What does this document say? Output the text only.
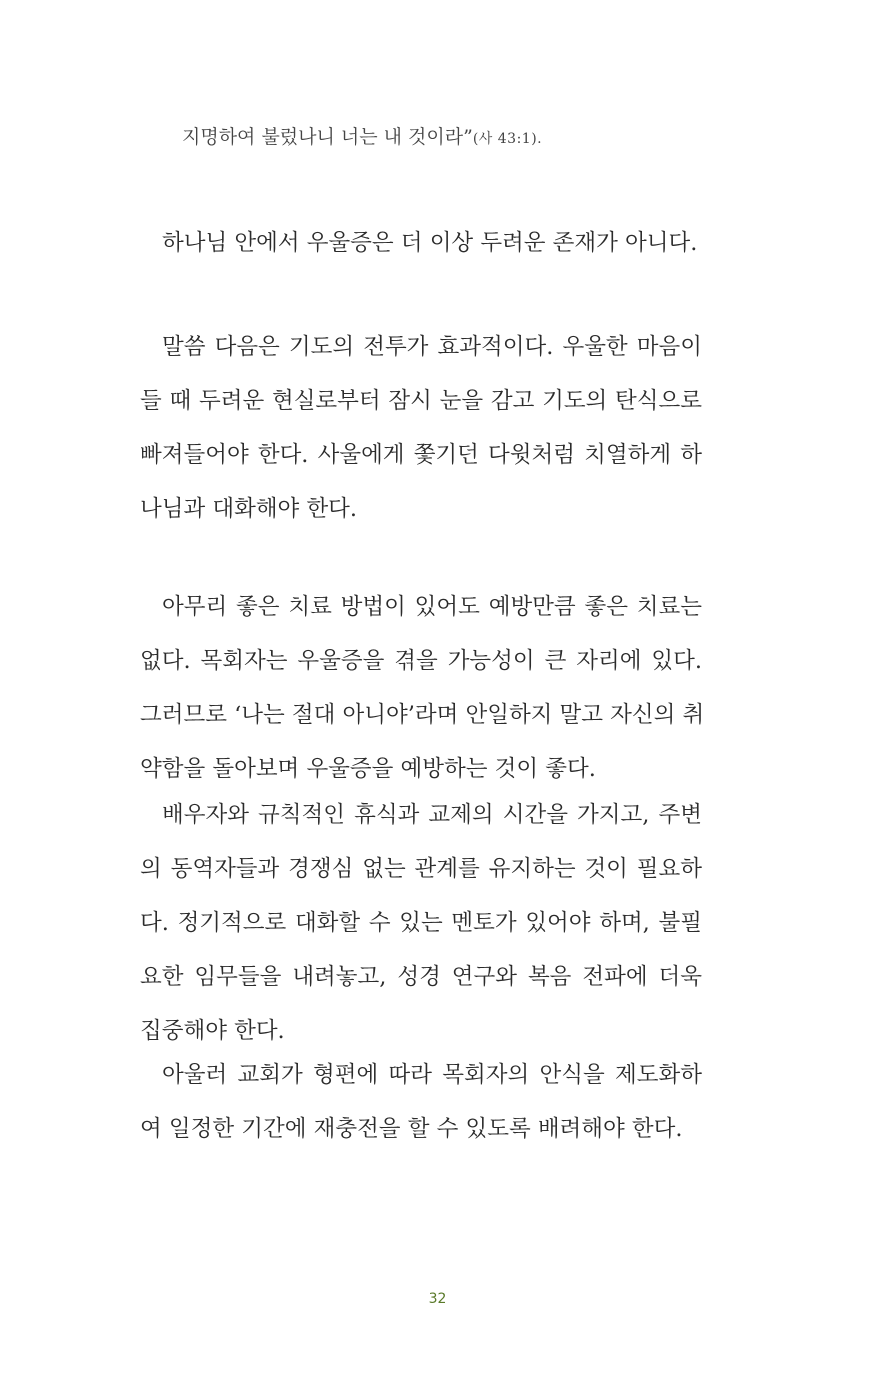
지명하여 불렀나니 너는 내 것이라”(사 43:1).
하나님 안에서 우울증은 더 이상 두려운 존재가 아니다.
말씀 다음은 기도의 전투가 효과적이다. 우울한 마음이
들 때 두려운 현실로부터 잠시 눈을 감고 기도의 탄식으로
빠져들어야 한다. 사울에게 쫓기던 다윗처럼 치열하게 하
나님과 대화해야 한다.
아무리 좋은 치료 방법이 있어도 예방만큼 좋은 치료는
없다. 목회자는 우울증을 겪을 가능성이 큰 자리에 있다.
그러므로 ‘나는 절대 아니야’라며 안일하지 말고 자신의 취
약함을 돌아보며 우울증을 예방하는 것이 좋다.
배우자와 규칙적인 휴식과 교제의 시간을 가지고, 주변
의 동역자들과 경쟁심 없는 관계를 유지하는 것이 필요하
다. 정기적으로 대화할 수 있는 멘토가 있어야 하며, 불필
요한 임무들을 내려놓고, 성경 연구와 복음 전파에 더욱
집중해야 한다.
아울러 교회가 형편에 따라 목회자의 안식을 제도화하
여 일정한 기간에 재충전을 할 수 있도록 배려해야 한다.
32
